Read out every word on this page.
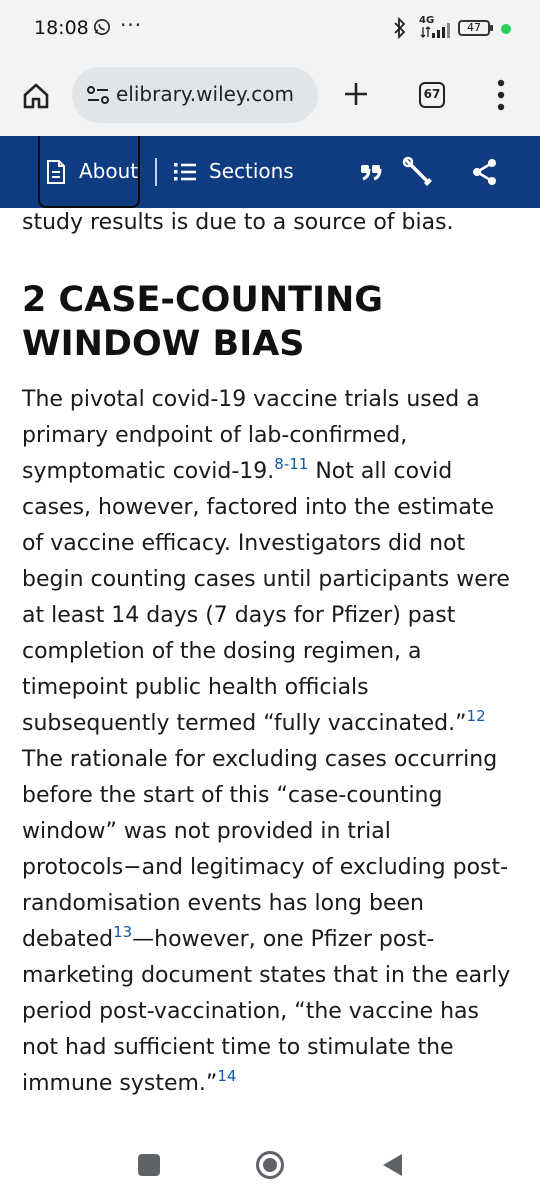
18:08 ···	4G
47
elibrary.wiley.com	67
About	Sections

study results is due to a source of bias.

2 CASE-COUNTING
WINDOW BIAS

The pivotal covid-19 vaccine trials used a
primary endpoint of lab-confirmed,
symptomatic covid-19.$^{8-11}$ Not all covid
cases, however, factored into the estimate
of vaccine efficacy. Investigators did not
begin counting cases until participants were
at least 14 days (7 days for Pfizer) past
completion of the dosing regimen, a
timepoint public health officials
subsequently termed “fully vaccinated.”$^{12}$
The rationale for excluding cases occurring
before the start of this “case-counting
window” was not provided in trial
protocols−and legitimacy of excluding post-
randomisation events has long been
debated$^{13}$—however, one Pfizer post-
marketing document states that in the early
period post-vaccination, “the vaccine has
not had sufficient time to stimulate the
immune system.”$^{14}$
